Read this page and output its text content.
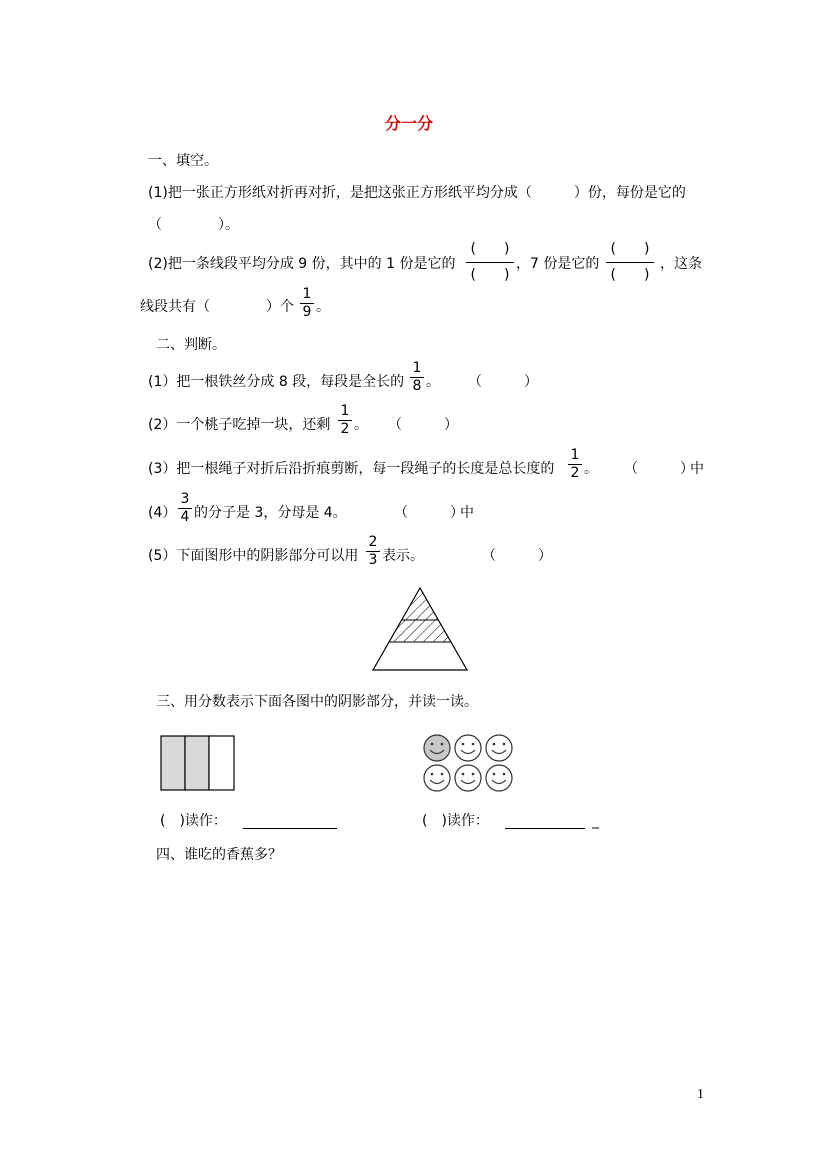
分一分
一、填空。
(1)把一张正方形纸对折再对折，是把这张正方形纸平均分成（　　　）份，每份是它的
（　　　　）。
(2)把一条线段平均分成 9 份，其中的 1 份是它的
(　　)
(　　)
，7 份是它的
(　　)
(　　)
，这条
线段共有（　　　　）个
1
9 。
二、判断。
(1）把一根铁丝分成 8 段，每段是全长的
1
8 。 （　　　）
(2）一个桃子吃掉一块，还剩
1
2 。 （　　　）
(3）把一根绳子对折后沿折痕剪断，每一段绳子的长度是总长度的
1
2 。 （　　　）
中
(4）
3
4 的分子是 3，分母是 4。	（　　　）
中
(5）下面图形中的阴影部分可以用
2
3 表示。	（　　　）
三、用分数表示下面各图中的阴影部分，并读一读。
(　)读作：	(　)读作：	_
四、谁吃的香蕉多？
1
